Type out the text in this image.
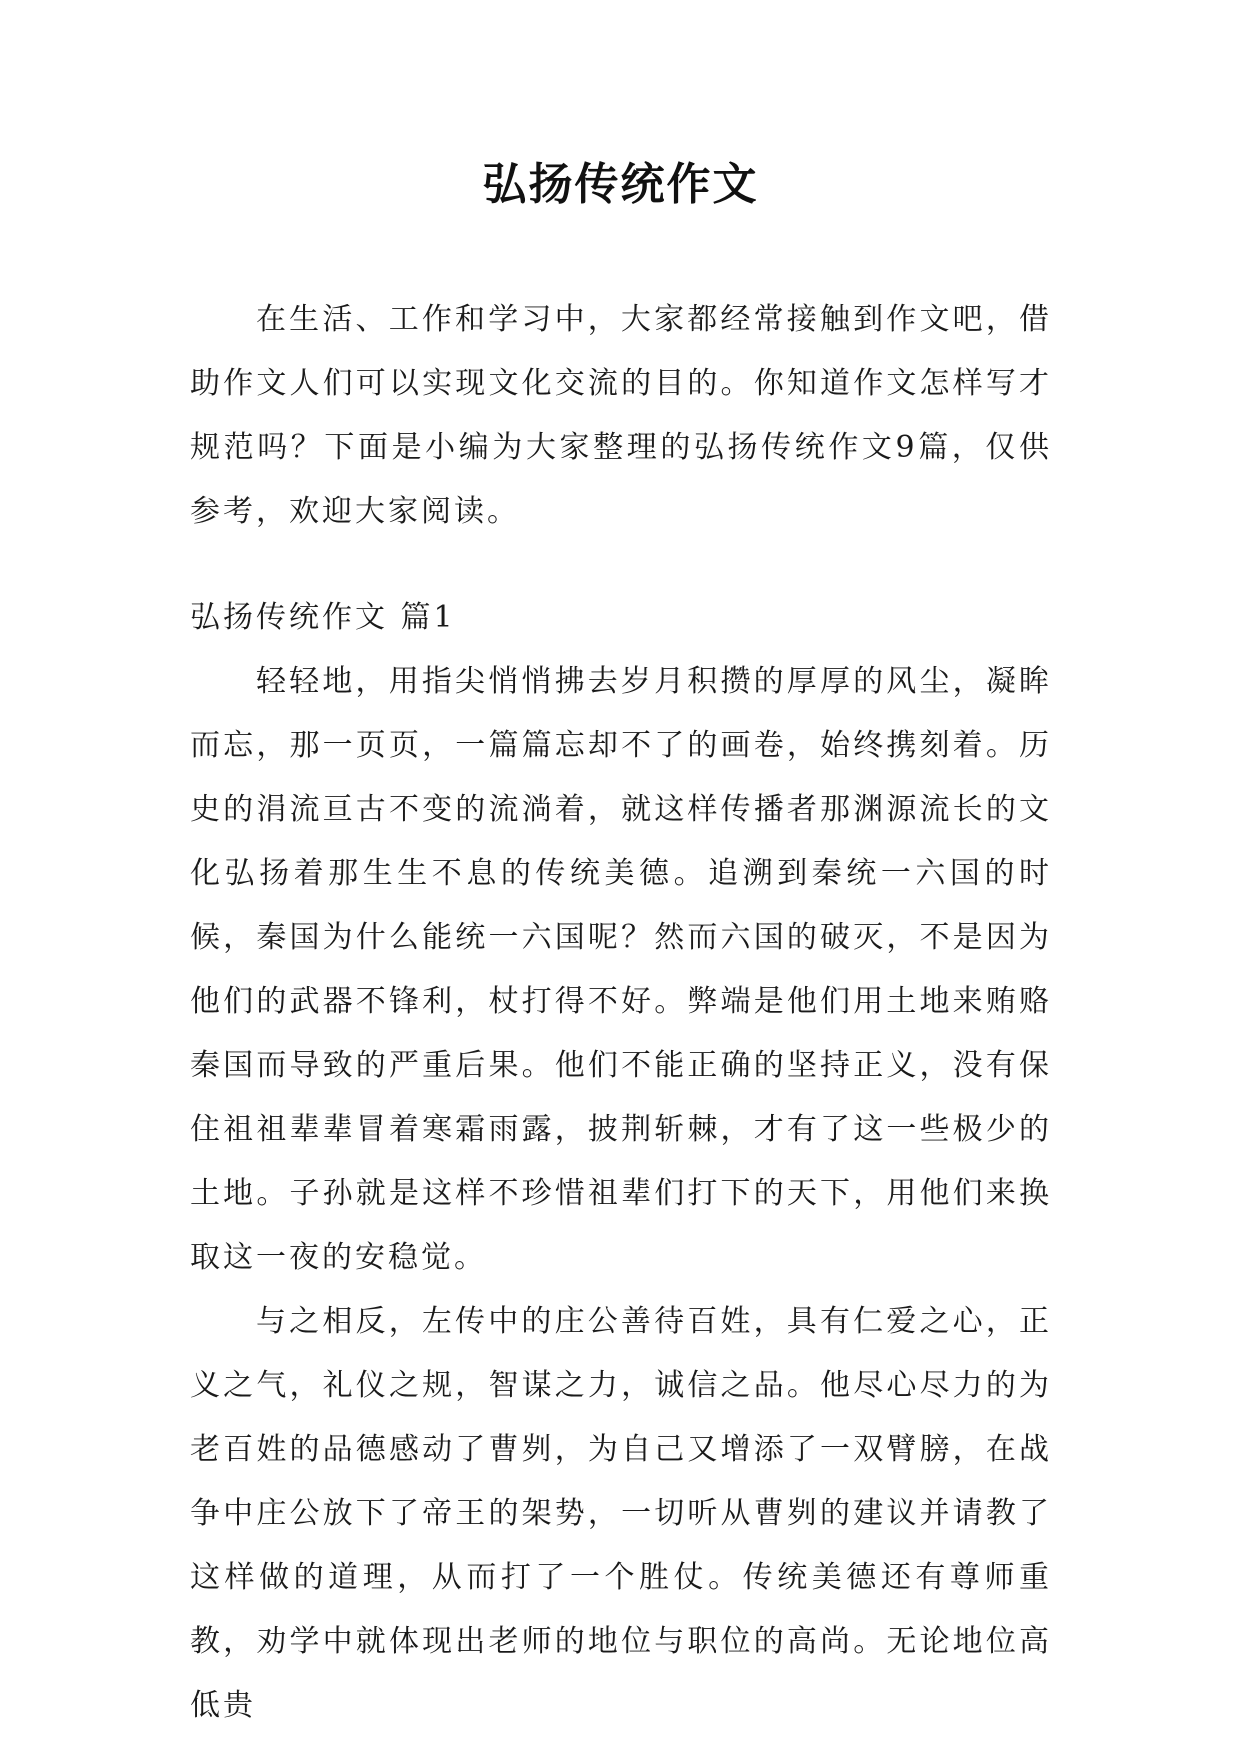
弘扬传统作文

在生活、工作和学习中，大家都经常接触到作文吧，借助作文人们可以实现文化交流的目的。你知道作文怎样写才规范吗？下面是小编为大家整理的弘扬传统作文9篇，仅供参考，欢迎大家阅读。

弘扬传统作文 篇1

轻轻地，用指尖悄悄拂去岁月积攒的厚厚的风尘，凝眸而忘，那一页页，一篇篇忘却不了的画卷，始终携刻着。历史的涓流亘古不变的流淌着，就这样传播者那渊源流长的文化弘扬着那生生不息的传统美德。追溯到秦统一六国的时候，秦国为什么能统一六国呢？然而六国的破灭，不是因为他们的武器不锋利，杖打得不好。弊端是他们用土地来贿赂秦国而导致的严重后果。他们不能正确的坚持正义，没有保住祖祖辈辈冒着寒霜雨露，披荆斩棘，才有了这一些极少的土地。子孙就是这样不珍惜祖辈们打下的天下，用他们来换取这一夜的安稳觉。

与之相反，左传中的庄公善待百姓，具有仁爱之心，正义之气，礼仪之规，智谋之力，诚信之品。他尽心尽力的为老百姓的品德感动了曹刿，为自己又增添了一双臂膀，在战争中庄公放下了帝王的架势，一切听从曹刿的建议并请教了这样做的道理，从而打了一个胜仗。传统美德还有尊师重教，劝学中就体现出老师的地位与职位的高尚。无论地位高低贵
